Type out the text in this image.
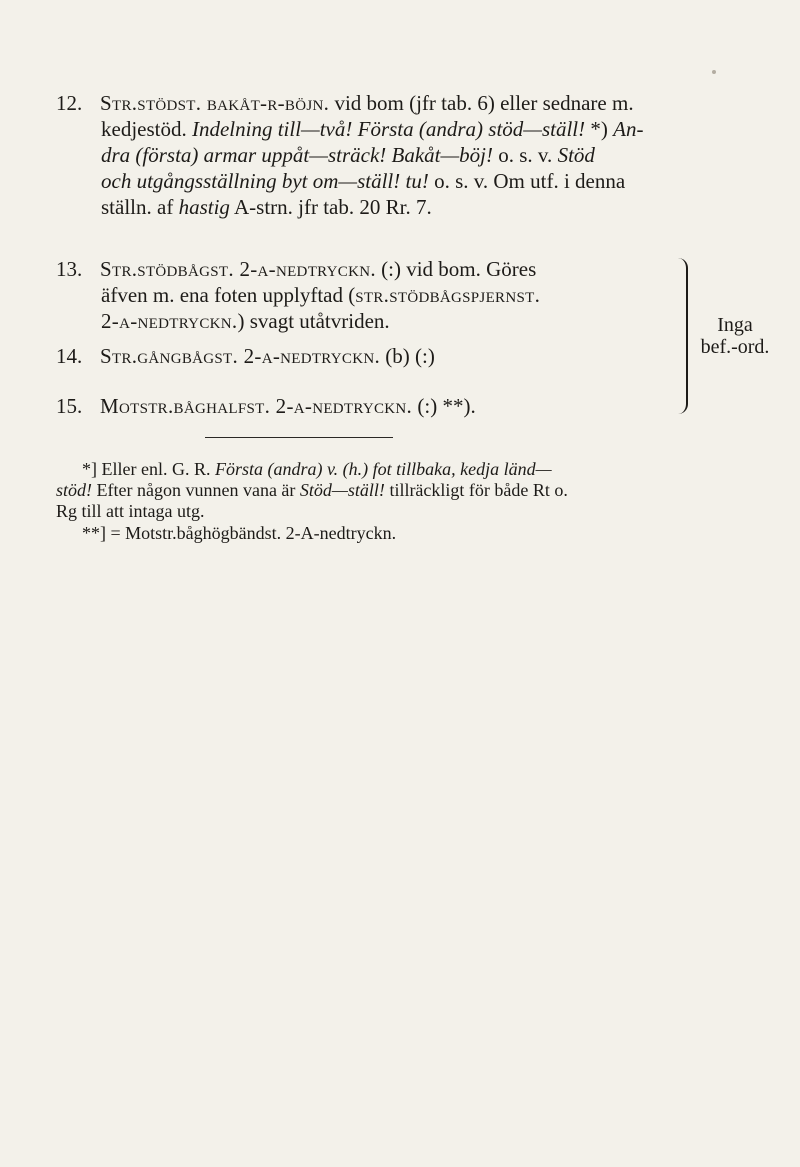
12. Str.stödst. bakåt-r-böjn. vid bom (jfr tab. 6) eller sednare m.
kedjestöd. Indelning till—två! Första (andra) stöd—ställ! *) An-
dra (första) armar uppåt—sträck! Bakåt—böj! o. s. v. Stöd
och utgångsställning byt om—ställ! tu! o. s. v. Om utf. i denna
ställn. af hastig A-strn. jfr tab. 20 Rr. 7.
13. Str.stödbågst. 2-a-nedtryckn. (:) vid bom. Göres
äfven m. ena foten upplyftad (str.stödbågspjernst.
2-a-nedtryckn.) svagt utåtvriden.
14. Str.gångbågst. 2-a-nedtryckn. (b) (:)
15. Motstr.båghalfst. 2-a-nedtryckn. (:) **).
Inga
bef.-ord.
*] Eller enl. G. R. Första (andra) v. (h.) fot tillbaka, kedja länd—
stöd! Efter någon vunnen vana är Stöd—ställ! tillräckligt för både Rt o.
Rg till att intaga utg.
**] = Motstr.båghögbändst. 2-A-nedtryckn.
